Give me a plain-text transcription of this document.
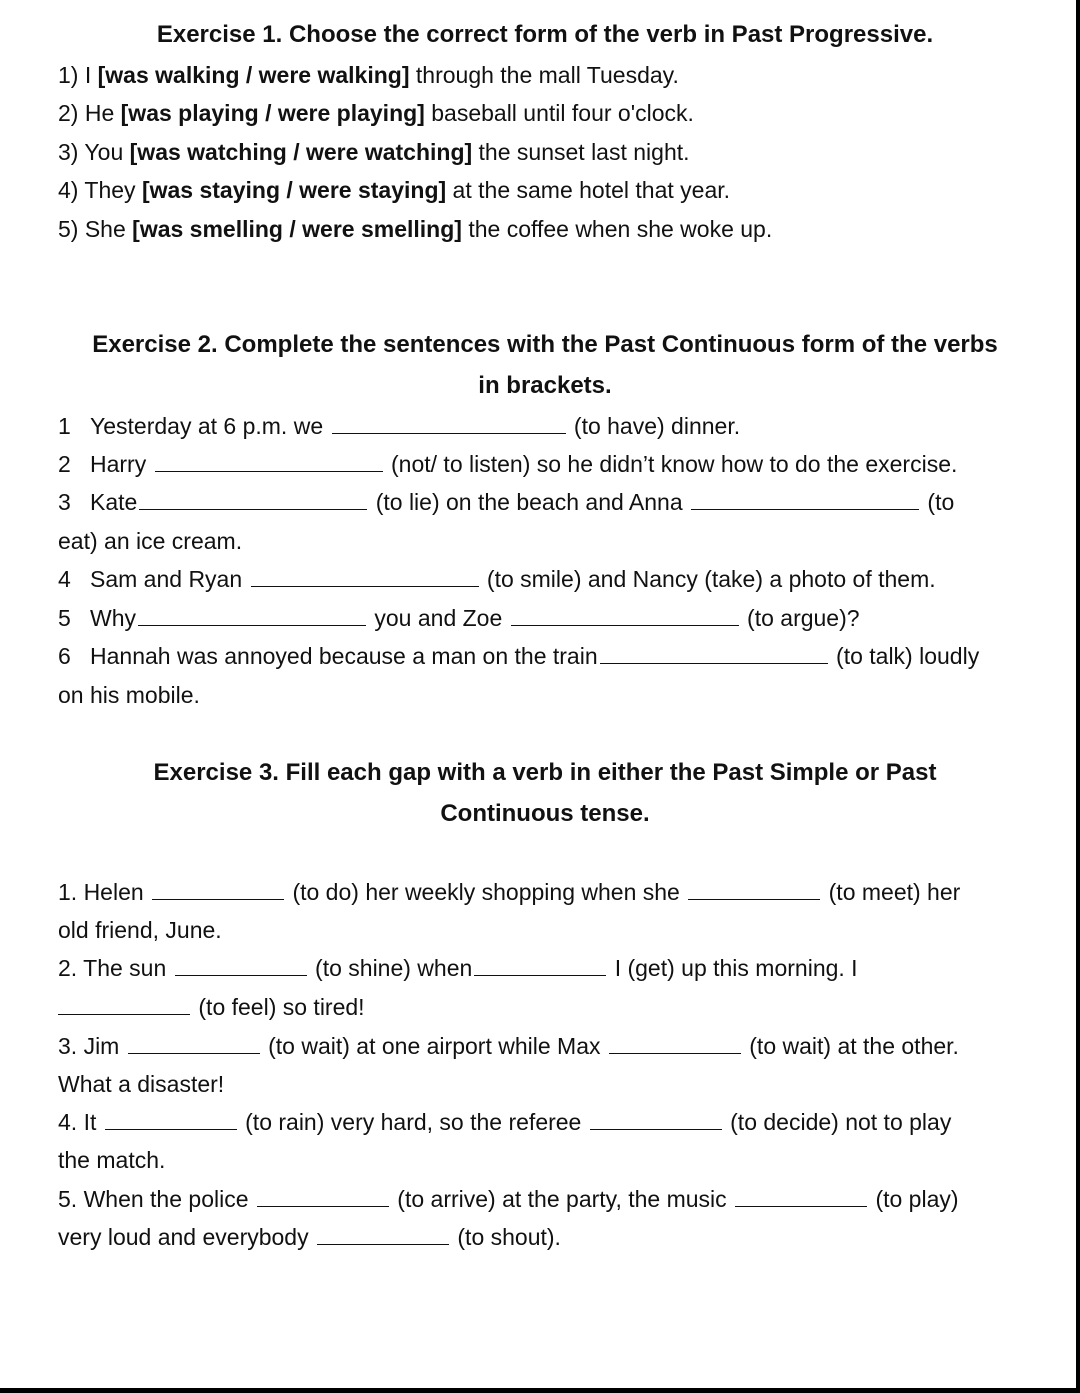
Exercise 1. Choose the correct form of the verb in Past Progressive.
1) I [was walking / were walking] through the mall Tuesday.
2) He [was playing / were playing] baseball until four o'clock.
3) You [was watching / were watching] the sunset last night.
4) They [was staying / were staying] at the same hotel that year.
5) She [was smelling / were smelling] the coffee when she woke up.
Exercise 2. Complete the sentences with the Past Continuous form of the verbs
in brackets.
1 Yesterday at 6 p.m. we	(to have) dinner.
2 Harry	(not/ to listen) so he didn’t know how to do the exercise.
3 Kate	(to lie) on the beach and Anna	(to
eat) an ice cream.
4 Sam and Ryan	(to smile) and Nancy (take) a photo of them.
5 Why	you and Zoe	(to argue)?
6 Hannah was annoyed because a man on the train	(to talk) loudly
on his mobile.
Exercise 3. Fill each gap with a verb in either the Past Simple or Past
Continuous tense.
1. Helen	(to do) her weekly shopping when she	(to meet) her
old friend, June.
2. The sun	(to shine) when	I (get) up this morning. I
(to feel) so tired!
3. Jim	(to wait) at one airport while Max	(to wait) at the other.
What a disaster!
4. It	(to rain) very hard, so the referee	(to decide) not to play
the match.
5. When the police	(to arrive) at the party, the music	(to play)
very loud and everybody	(to shout).
